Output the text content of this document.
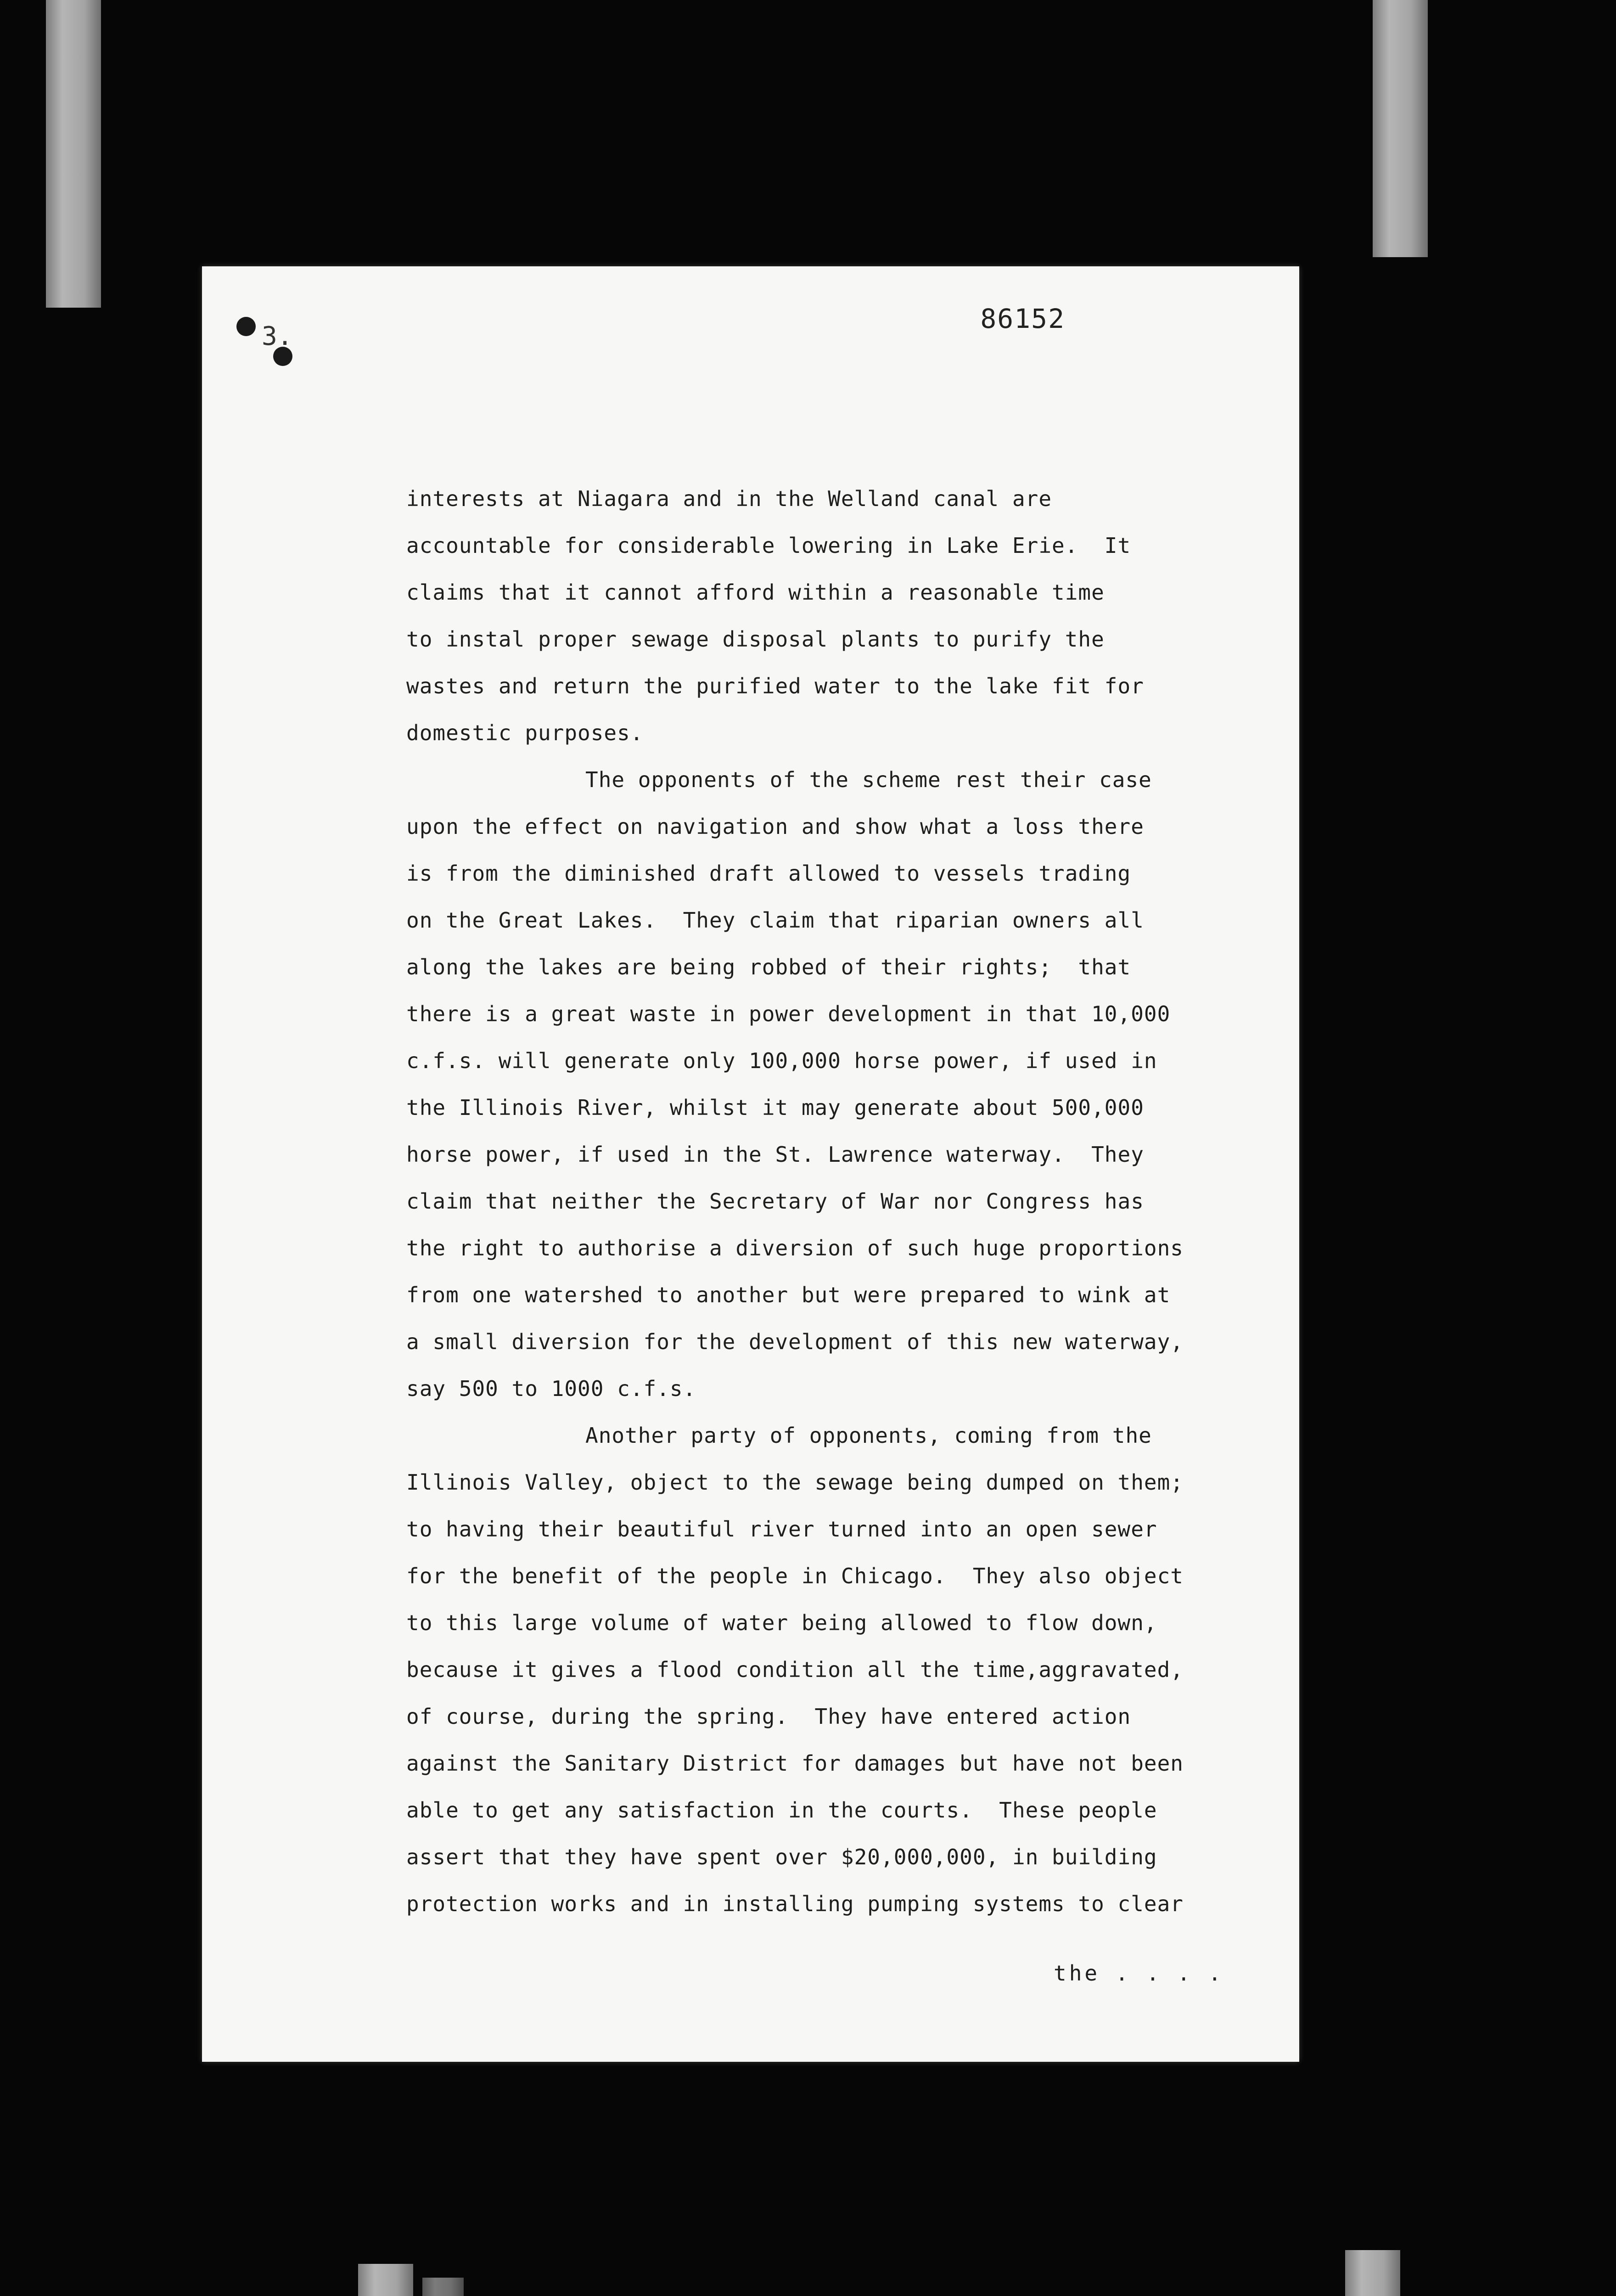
3.
86152
interests at Niagara and in the Welland canal are
accountable for considerable lowering in Lake Erie.  It
claims that it cannot afford within a reasonable time
to instal proper sewage disposal plants to purify the
wastes and return the purified water to the lake fit for
domestic purposes.
The opponents of the scheme rest their case
upon the effect on navigation and show what a loss there
is from the diminished draft allowed to vessels trading
on the Great Lakes.  They claim that riparian owners all
along the lakes are being robbed of their rights;  that
there is a great waste in power development in that 10,000
c.f.s. will generate only 100,000 horse power, if used in
the Illinois River, whilst it may generate about 500,000
horse power, if used in the St. Lawrence waterway.  They
claim that neither the Secretary of War nor Congress has
the right to authorise a diversion of such huge proportions
from one watershed to another but were prepared to wink at
a small diversion for the development of this new waterway,
say 500 to 1000 c.f.s.
Another party of opponents, coming from the
Illinois Valley, object to the sewage being dumped on them;
to having their beautiful river turned into an open sewer
for the benefit of the people in Chicago.  They also object
to this large volume of water being allowed to flow down,
because it gives a flood condition all the time,aggravated,
of course, during the spring.  They have entered action
against the Sanitary District for damages but have not been
able to get any satisfaction in the courts.  These people
assert that they have spent over $20,000,000, in building
protection works and in installing pumping systems to clear
the . . . .
